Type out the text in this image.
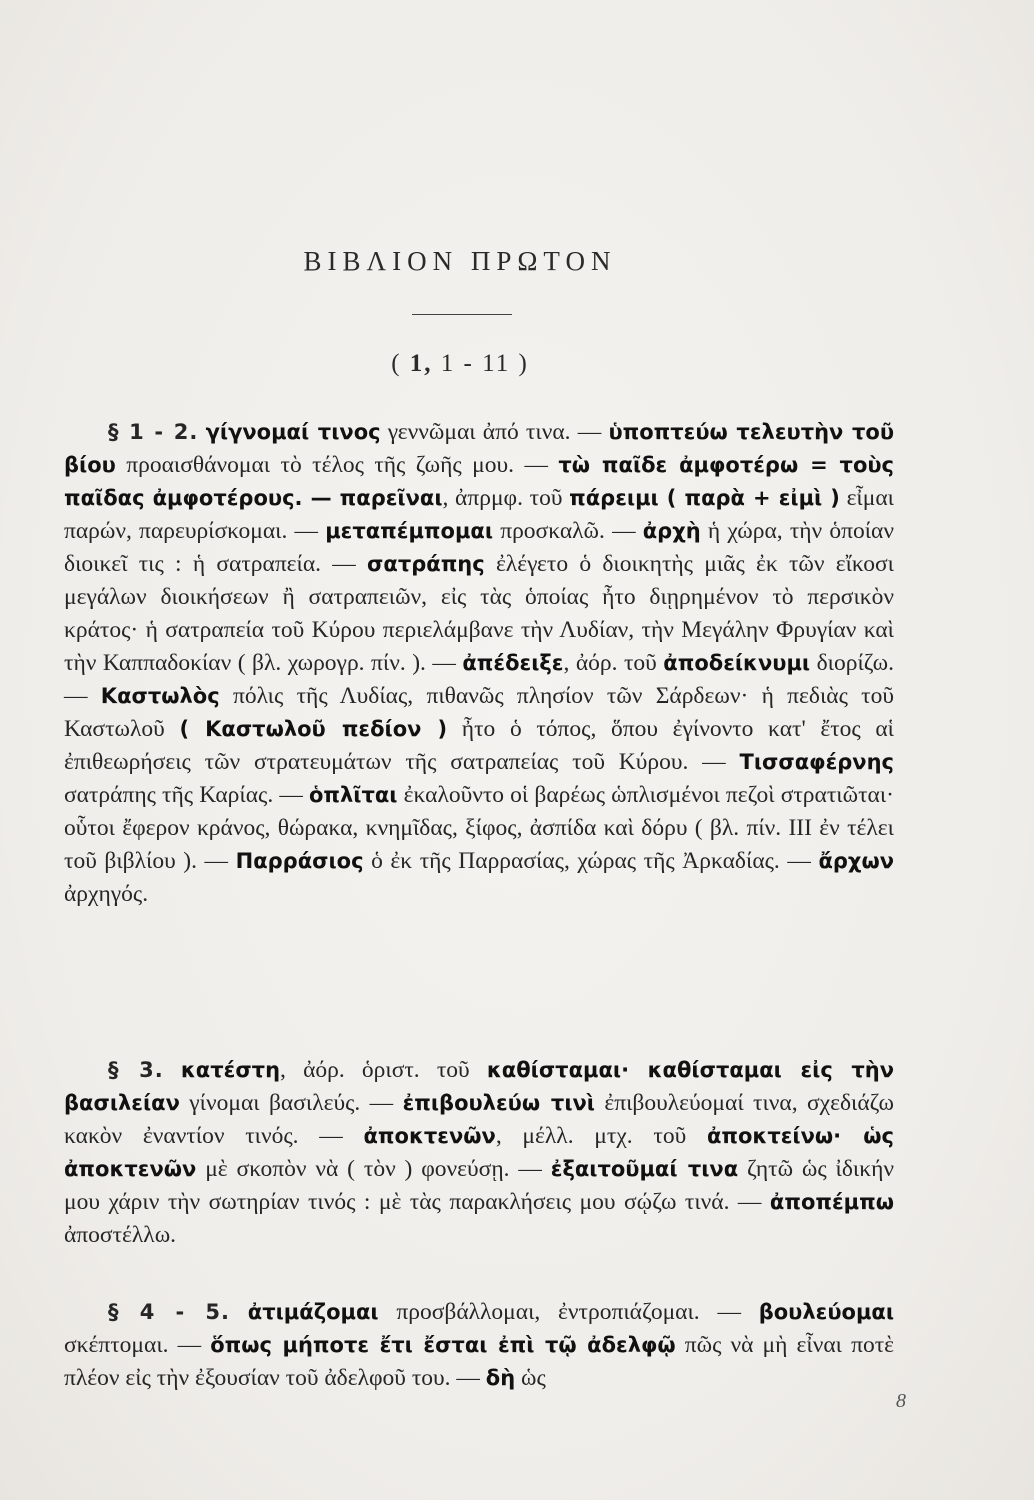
ΒΙΒΛΙΟΝ ΠΡΩΤΟΝ
( 1, 1 - 11 )

§ 1 - 2. γίγνομαί τινος γεννῶμαι ἀπό τινα. — ὑποπτεύω τελευτὴν τοῦ βίου προαισθάνομαι τὸ τέλος τῆς ζωῆς μου. — τὼ παῖδε ἀμφοτέρω = τοὺς παῖδας ἀμφοτέρους. — παρεῖναι, ἀπρμφ. τοῦ πάρειμι ( παρὰ + εἰμὶ ) εἶμαι παρών, παρευρίσκομαι. — μεταπέμπομαι προσκαλῶ. — ἀρχὴ ἡ χώρα, τὴν ὁποίαν διοικεῖ τις : ἡ σατραπεία. — σατράπης ἐλέγετο ὁ διοικητὴς μιᾶς ἐκ τῶν εἴκοσι μεγάλων διοικήσεων ἢ σατραπειῶν, εἰς τὰς ὁποίας ἦτο διῃρημένον τὸ περσικὸν κράτος· ἡ σατραπεία τοῦ Κύρου περιελάμβανε τὴν Λυδίαν, τὴν Μεγάλην Φρυγίαν καὶ τὴν Καππαδοκίαν ( βλ. χωρογρ. πίν. ). — ἀπέδειξε, ἀόρ. τοῦ ἀποδείκνυμι διορίζω. — Καστωλὸς πόλις τῆς Λυδίας, πιθανῶς πλησίον τῶν Σάρδεων· ἡ πεδιὰς τοῦ Καστωλοῦ ( Καστωλοῦ πεδίον ) ἦτο ὁ τόπος, ὅπου ἐγίνοντο κατ' ἔτος αἱ ἐπιθεωρήσεις τῶν στρατευμάτων τῆς σατραπείας τοῦ Κύρου. — Τισσαφέρνης σατράπης τῆς Καρίας. — ὁπλῖται ἐκαλοῦντο οἱ βαρέως ὡπλισμένοι πεζοὶ στρατιῶται· οὗτοι ἔφερον κράνος, θώρακα, κνημῖδας, ξίφος, ἀσπίδα καὶ δόρυ ( βλ. πίν. III ἐν τέλει τοῦ βιβλίου ). — Παρράσιος ὁ ἐκ τῆς Παρρασίας, χώρας τῆς Ἀρκαδίας. — ἄρχων ἀρχηγός.

§ 3. κατέστη, ἀόρ. ὁριστ. τοῦ καθίσταμαι· καθίσταμαι εἰς τὴν βασιλείαν γίνομαι βασιλεύς. — ἐπιβουλεύω τινὶ ἐπιβουλεύομαί τινα, σχεδιάζω κακὸν ἐναντίον τινός. — ἀποκτενῶν, μέλλ. μτχ. τοῦ ἀποκτείνω· ὡς ἀποκτενῶν μὲ σκοπὸν νὰ ( τὸν ) φονεύσῃ. — ἐξαιτοῦμαί τινα ζητῶ ὡς ἰδικήν μου χάριν τὴν σωτηρίαν τινός : μὲ τὰς παρακλήσεις μου σῴζω τινά. — ἀποπέμπω ἀποστέλλω.

§ 4 - 5. ἀτιμάζομαι προσβάλλομαι, ἐντροπιάζομαι. — βουλεύομαι σκέπτομαι. — ὅπως μήποτε ἔτι ἔσται ἐπὶ τῷ ἀδελφῷ πῶς νὰ μὴ εἶναι ποτὲ πλέον εἰς τὴν ἐξουσίαν τοῦ ἀδελφοῦ του. — δὴ ὡς

8
